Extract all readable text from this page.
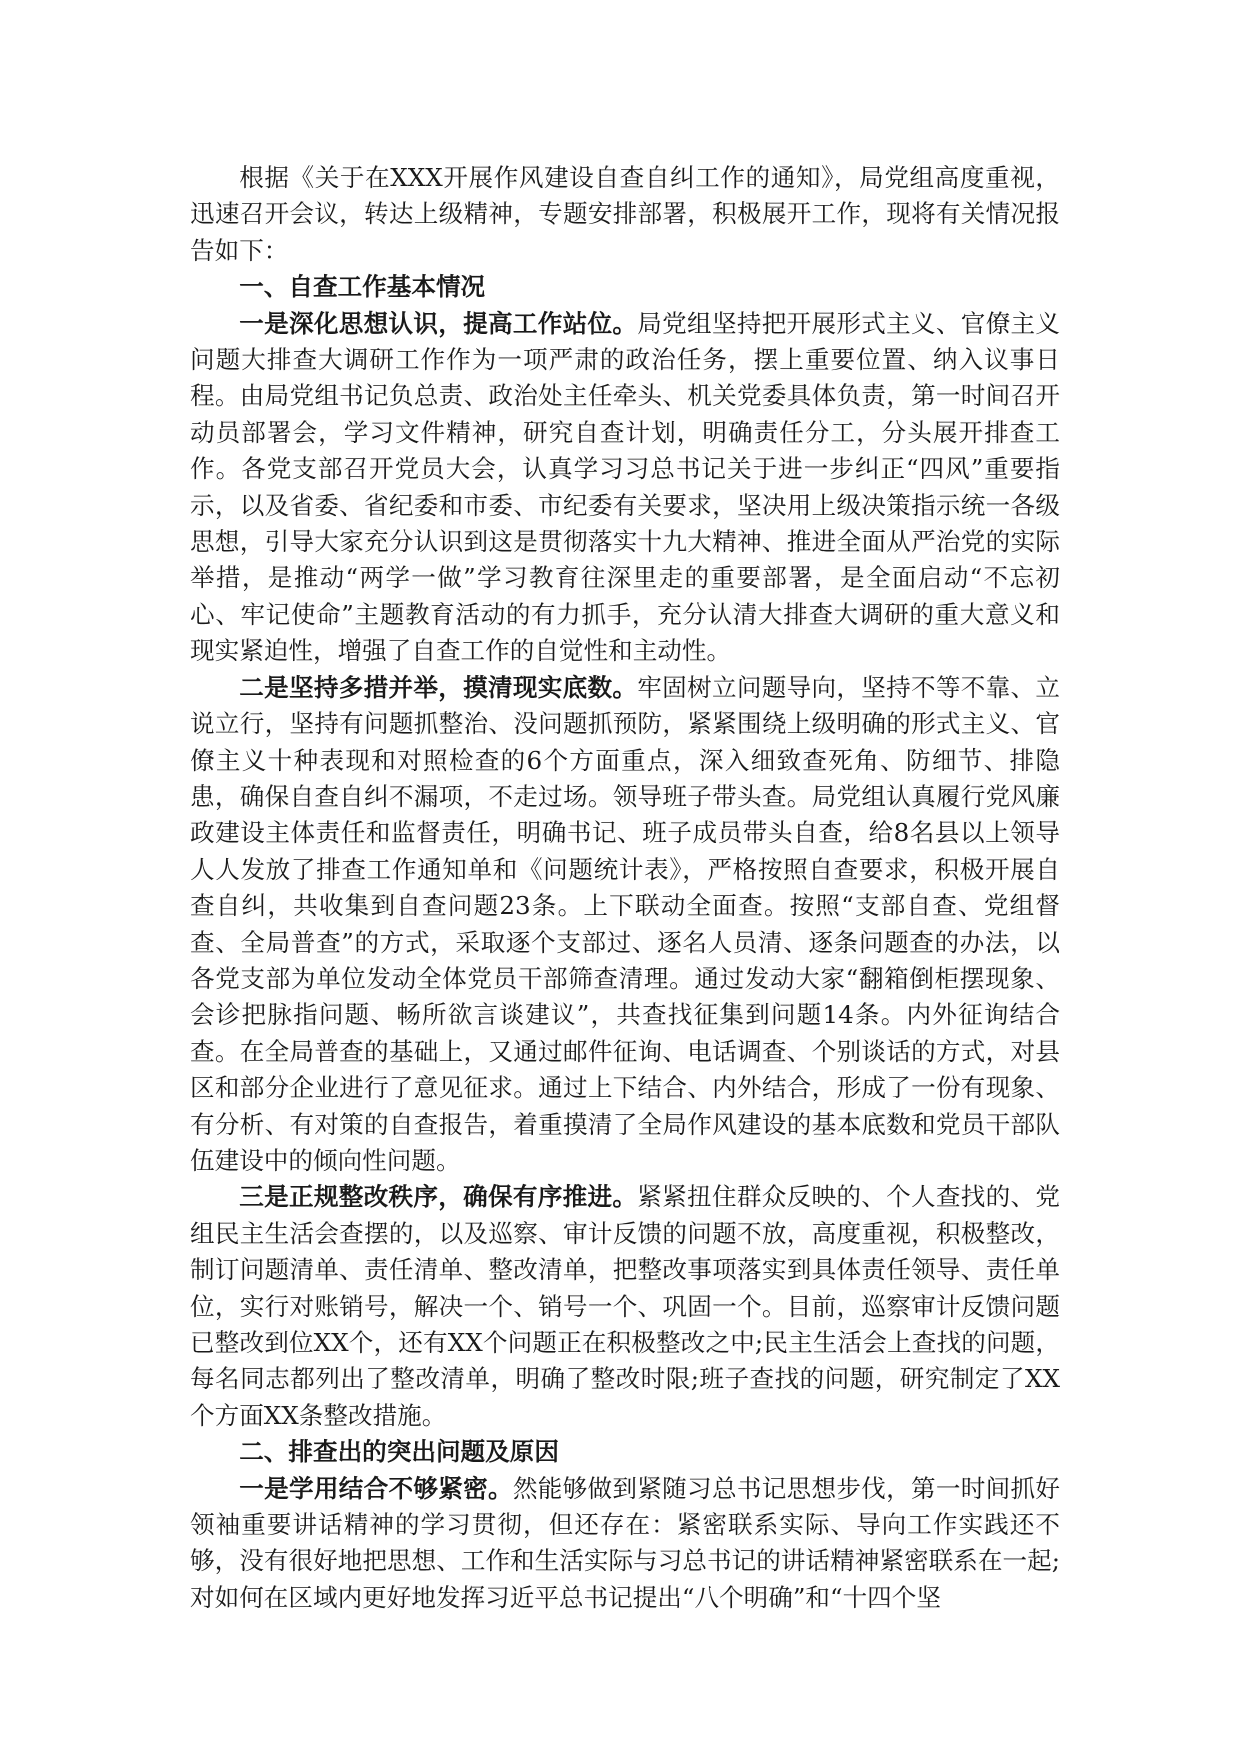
根据《关于在XXX开展作风建设自查自纠工作的通知》，局党组高度重视，迅速召开会议，转达上级精神，专题安排部署，积极展开工作，现将有关情况报告如下：

一、自查工作基本情况

一是深化思想认识，提高工作站位。局党组坚持把开展形式主义、官僚主义问题大排查大调研工作作为一项严肃的政治任务，摆上重要位置、纳入议事日程。由局党组书记负总责、政治处主任牵头、机关党委具体负责，第一时间召开动员部署会，学习文件精神，研究自查计划，明确责任分工，分头展开排查工作。各党支部召开党员大会，认真学习习总书记关于进一步纠正“四风”重要指示，以及省委、省纪委和市委、市纪委有关要求，坚决用上级决策指示统一各级思想，引导大家充分认识到这是贯彻落实十九大精神、推进全面从严治党的实际举措，是推动“两学一做”学习教育往深里走的重要部署，是全面启动“不忘初心、牢记使命”主题教育活动的有力抓手，充分认清大排查大调研的重大意义和现实紧迫性，增强了自查工作的自觉性和主动性。

二是坚持多措并举，摸清现实底数。牢固树立问题导向，坚持不等不靠、立说立行，坚持有问题抓整治、没问题抓预防，紧紧围绕上级明确的形式主义、官僚主义十种表现和对照检查的6个方面重点，深入细致查死角、防细节、排隐患，确保自查自纠不漏项，不走过场。领导班子带头查。局党组认真履行党风廉政建设主体责任和监督责任，明确书记、班子成员带头自查，给8名县以上领导人人发放了排查工作通知单和《问题统计表》，严格按照自查要求，积极开展自查自纠，共收集到自查问题23条。上下联动全面查。按照“支部自查、党组督查、全局普查”的方式，采取逐个支部过、逐名人员清、逐条问题查的办法，以各党支部为单位发动全体党员干部筛查清理。通过发动大家“翻箱倒柜摆现象、会诊把脉指问题、畅所欲言谈建议”，共查找征集到问题14条。内外征询结合查。在全局普查的基础上，又通过邮件征询、电话调查、个别谈话的方式，对县区和部分企业进行了意见征求。通过上下结合、内外结合，形成了一份有现象、有分析、有对策的自查报告，着重摸清了全局作风建设的基本底数和党员干部队伍建设中的倾向性问题。

三是正规整改秩序，确保有序推进。紧紧扭住群众反映的、个人查找的、党组民主生活会查摆的，以及巡察、审计反馈的问题不放，高度重视，积极整改，制订问题清单、责任清单、整改清单，把整改事项落实到具体责任领导、责任单位，实行对账销号，解决一个、销号一个、巩固一个。目前，巡察审计反馈问题已整改到位XX个，还有XX个问题正在积极整改之中;民主生活会上查找的问题，每名同志都列出了整改清单，明确了整改时限;班子查找的问题，研究制定了XX个方面XX条整改措施。

二、排查出的突出问题及原因

一是学用结合不够紧密。然能够做到紧随习总书记思想步伐，第一时间抓好领袖重要讲话精神的学习贯彻，但还存在：紧密联系实际、导向工作实践还不够，没有很好地把思想、工作和生活实际与习总书记的讲话精神紧密联系在一起;对如何在区域内更好地发挥习近平总书记提出“八个明确”和“十四个坚
